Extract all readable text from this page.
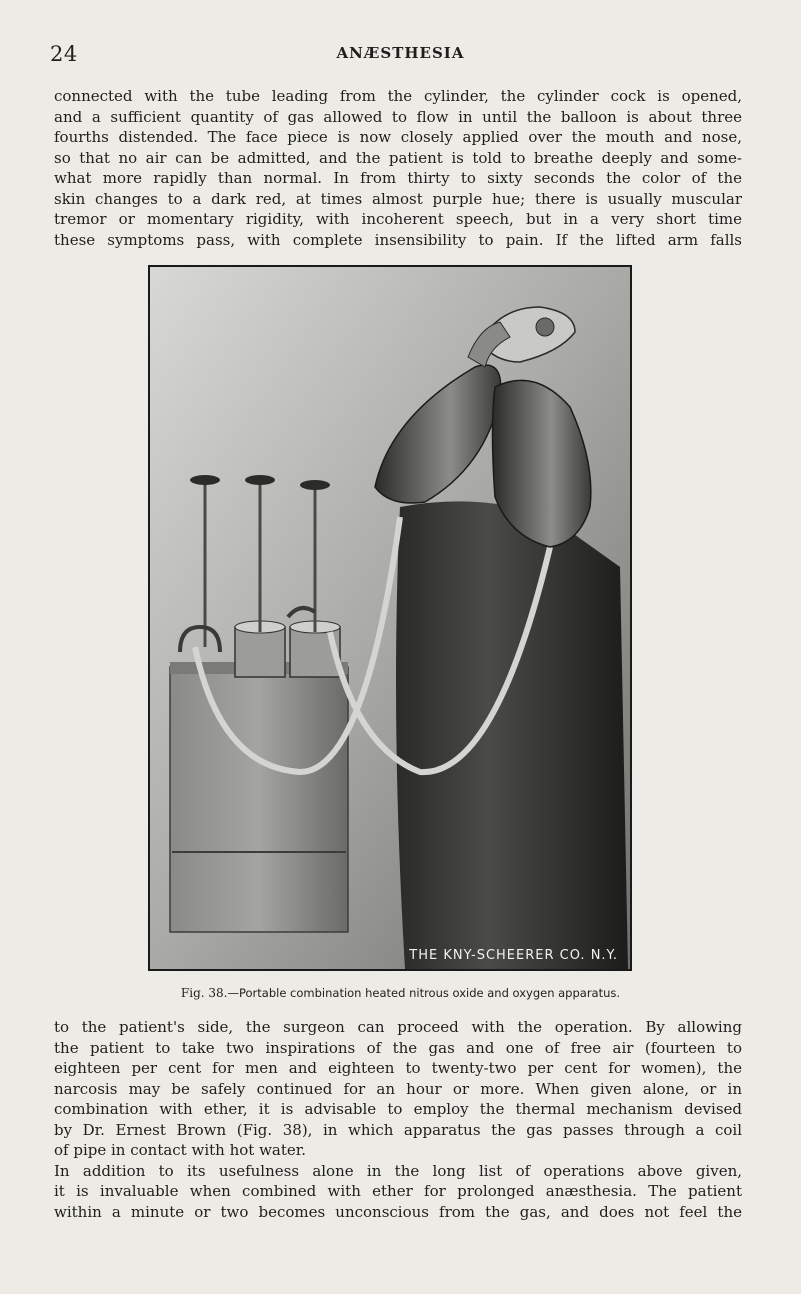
24	ANÆSTHESIA

connected with the tube leading from the cylinder, the cylinder cock is opened,
and a sufficient quantity of gas allowed to flow in until the balloon is about three
fourths distended. The face piece is now closely applied over the mouth and nose,
so that no air can be admitted, and the patient is told to breathe deeply and some-
what more rapidly than normal. In from thirty to sixty seconds the color of the
skin changes to a dark red, at times almost purple hue; there is usually muscular
tremor or momentary rigidity, with incoherent speech, but in a very short time
these symptoms pass, with complete insensibility to pain. If the lifted arm falls

THE KNY-SCHEERER CO. N.Y.
Fig. 38.—Portable combination heated nitrous oxide and oxygen apparatus.

to the patient's side, the surgeon can proceed with the operation. By allowing
the patient to take two inspirations of the gas and one of free air (fourteen to
eighteen per cent for men and eighteen to twenty-two per cent for women), the
narcosis may be safely continued for an hour or more. When given alone, or in
combination with ether, it is advisable to employ the thermal mechanism devised
by Dr. Ernest Brown (Fig. 38), in which apparatus the gas passes through a coil
of pipe in contact with hot water.
In addition to its usefulness alone in the long list of operations above given,
it is invaluable when combined with ether for prolonged anæsthesia. The patient
within a minute or two becomes unconscious from the gas, and does not feel the
